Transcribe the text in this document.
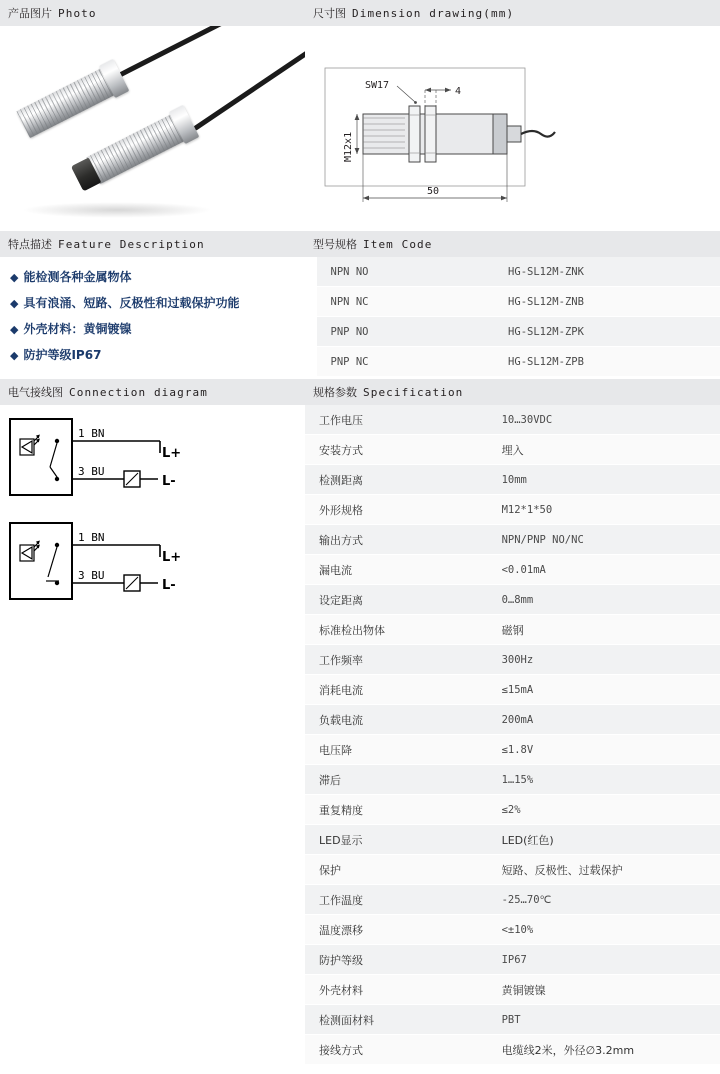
产品图片 Photo	尺寸图 Dimension drawing(mm)
SW17
4
M12x1
50
特点描述 Feature Description	型号规格 Item Code
◆ 能检测各种金属物体
◆ 具有浪涌、短路、反极性和过载保护功能
◆ 外壳材料：黄铜镀镍
◆ 防护等级IP67
NPN NO	HG-SL12M-ZNK
NPN NC	HG-SL12M-ZNB
PNP NO	HG-SL12M-ZPK
PNP NC	HG-SL12M-ZPB
电气接线图 Connection diagram	规格参数 Specification
1 BN
3 BU
L+
L-
1 BN
3 BU
L+
L-
工作电压	10…30VDC
安装方式	埋入
检测距离	10mm
外形规格	M12*1*50
输出方式	NPN/PNP NO/NC
漏电流	<0.01mA
设定距离	0…8mm
标准检出物体	磁钢
工作频率	300Hz
消耗电流	≤15mA
负载电流	200mA
电压降	≤1.8V
滞后	1…15%
重复精度	≤2%
LED显示	LED(红色)
保护	短路、反极性、过载保护
工作温度	-25…70℃
温度漂移	<±10%
防护等级	IP67
外壳材料	黄铜镀镍
检测面材料	PBT
接线方式	电缆线2米，外径∅3.2mm
